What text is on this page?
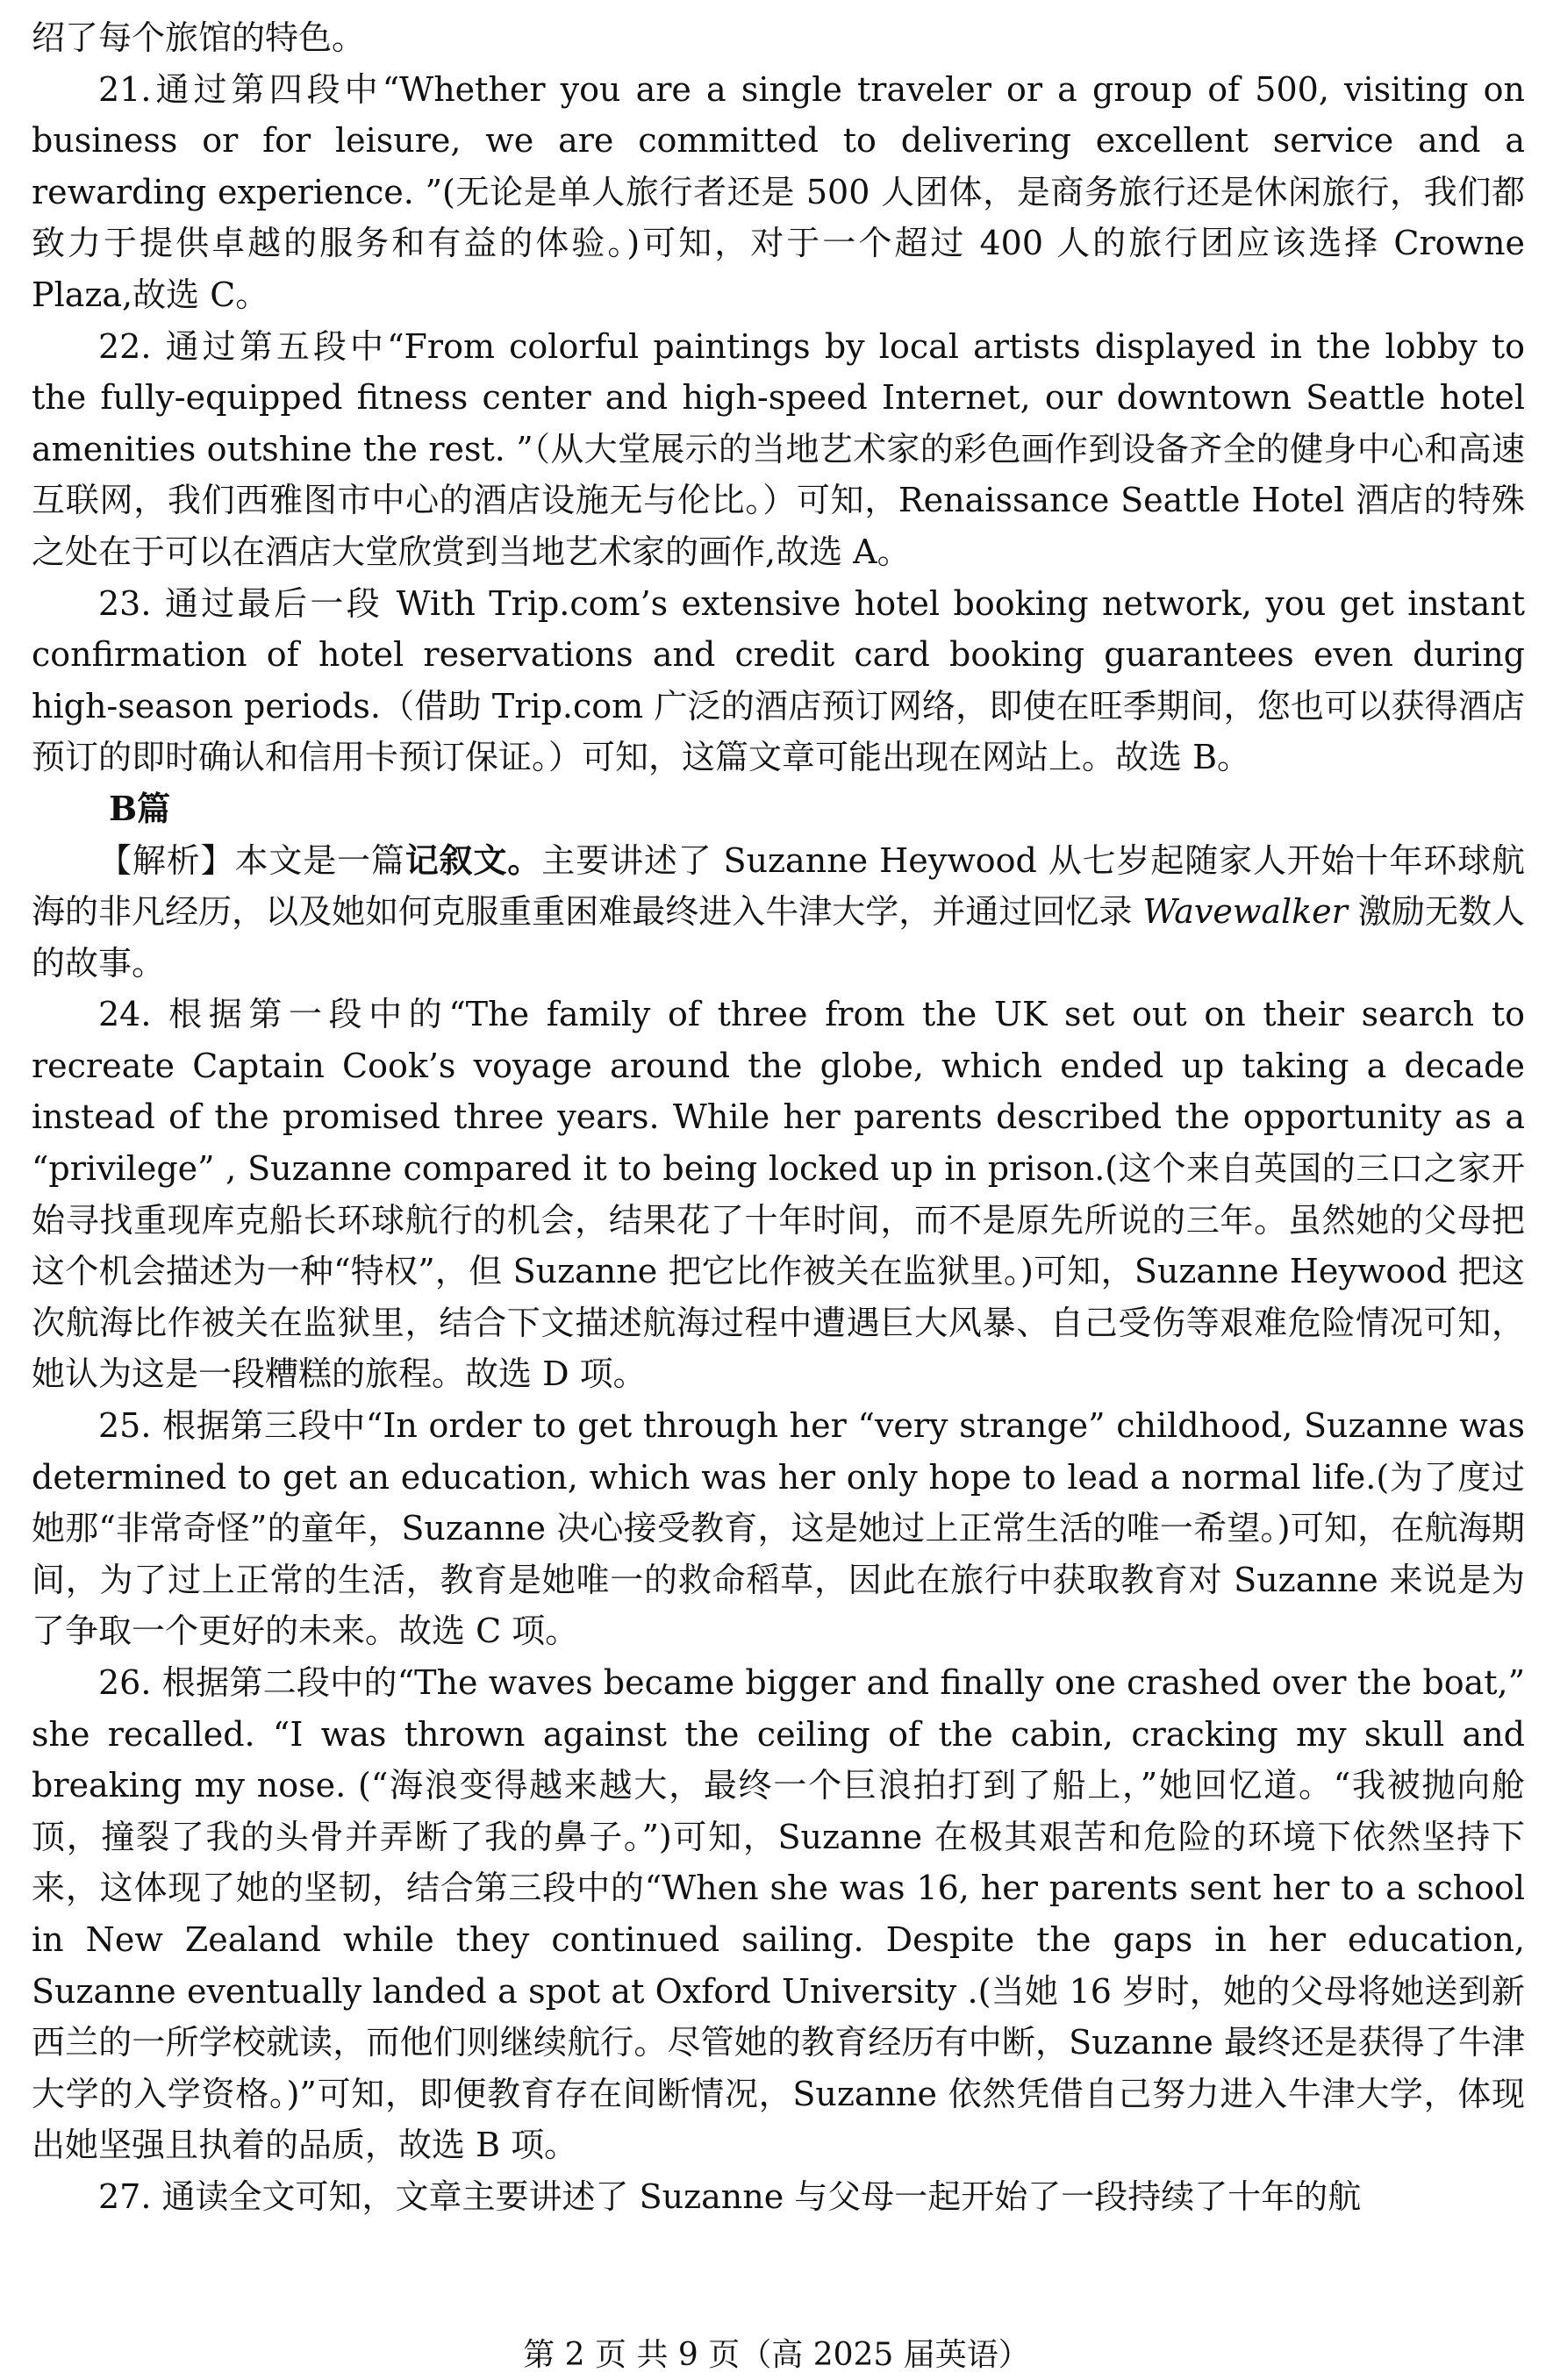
绍了每个旅馆的特色。

21.通过第四段中“Whether you are a single traveler or a group of 500, visiting on business or for leisure, we are committed to delivering excellent service and a rewarding experience. ”(无论是单人旅行者还是 500 人团体，是商务旅行还是休闲旅行，我们都致力于提供卓越的服务和有益的体验。)可知，对于一个超过 400 人的旅行团应该选择 Crowne Plaza,故选 C。

22. 通过第五段中“From colorful paintings by local artists displayed in the lobby to the fully-equipped fitness center and high-speed Internet, our downtown Seattle hotel amenities outshine the rest. ”（从大堂展示的当地艺术家的彩色画作到设备齐全的健身中心和高速互联网，我们西雅图市中心的酒店设施无与伦比。）可知，Renaissance Seattle Hotel 酒店的特殊之处在于可以在酒店大堂欣赏到当地艺术家的画作,故选 A。

23. 通过最后一段 With Trip.com’s extensive hotel booking network, you get instant confirmation of hotel reservations and credit card booking guarantees even during high-season periods.（借助 Trip.com 广泛的酒店预订网络，即使在旺季期间，您也可以获得酒店预订的即时确认和信用卡预订保证。）可知，这篇文章可能出现在网站上。故选 B。

B篇

【解析】本文是一篇记叙文。主要讲述了 Suzanne Heywood 从七岁起随家人开始十年环球航海的非凡经历，以及她如何克服重重困难最终进入牛津大学，并通过回忆录 Wavewalker 激励无数人的故事。

24. 根据第一段中的“The family of three from the UK set out on their search to recreate Captain Cook’s voyage around the globe, which ended up taking a decade instead of the promised three years. While her parents described the opportunity as a “privilege” , Suzanne compared it to being locked up in prison.(这个来自英国的三口之家开始寻找重现库克船长环球航行的机会，结果花了十年时间，而不是原先所说的三年。虽然她的父母把这个机会描述为一种“特权”，但 Suzanne 把它比作被关在监狱里。)可知，Suzanne Heywood 把这次航海比作被关在监狱里，结合下文描述航海过程中遭遇巨大风暴、自己受伤等艰难危险情况可知，她认为这是一段糟糕的旅程。故选 D 项。

25. 根据第三段中“In order to get through her “very strange” childhood, Suzanne was determined to get an education, which was her only hope to lead a normal life.(为了度过她那“非常奇怪”的童年，Suzanne 决心接受教育，这是她过上正常生活的唯一希望。)可知，在航海期间，为了过上正常的生活，教育是她唯一的救命稻草，因此在旅行中获取教育对 Suzanne 来说是为了争取一个更好的未来。故选 C 项。

26. 根据第二段中的“The waves became bigger and finally one crashed over the boat,” she recalled. “I was thrown against the ceiling of the cabin, cracking my skull and breaking my nose. (“海浪变得越来越大，最终一个巨浪拍打到了船上，”她回忆道。“我被抛向舱顶，撞裂了我的头骨并弄断了我的鼻子。”)可知，Suzanne 在极其艰苦和危险的环境下依然坚持下来，这体现了她的坚韧，结合第三段中的“When she was 16, her parents sent her to a school in New Zealand while they continued sailing. Despite the gaps in her education, Suzanne eventually landed a spot at Oxford University .(当她 16 岁时，她的父母将她送到新西兰的一所学校就读，而他们则继续航行。尽管她的教育经历有中断，Suzanne 最终还是获得了牛津大学的入学资格。)”可知，即便教育存在间断情况，Suzanne 依然凭借自己努力进入牛津大学，体现出她坚强且执着的品质，故选 B 项。

27. 通读全文可知，文章主要讲述了 Suzanne 与父母一起开始了一段持续了十年的航

第 2 页 共 9 页（高 2025 届英语）
